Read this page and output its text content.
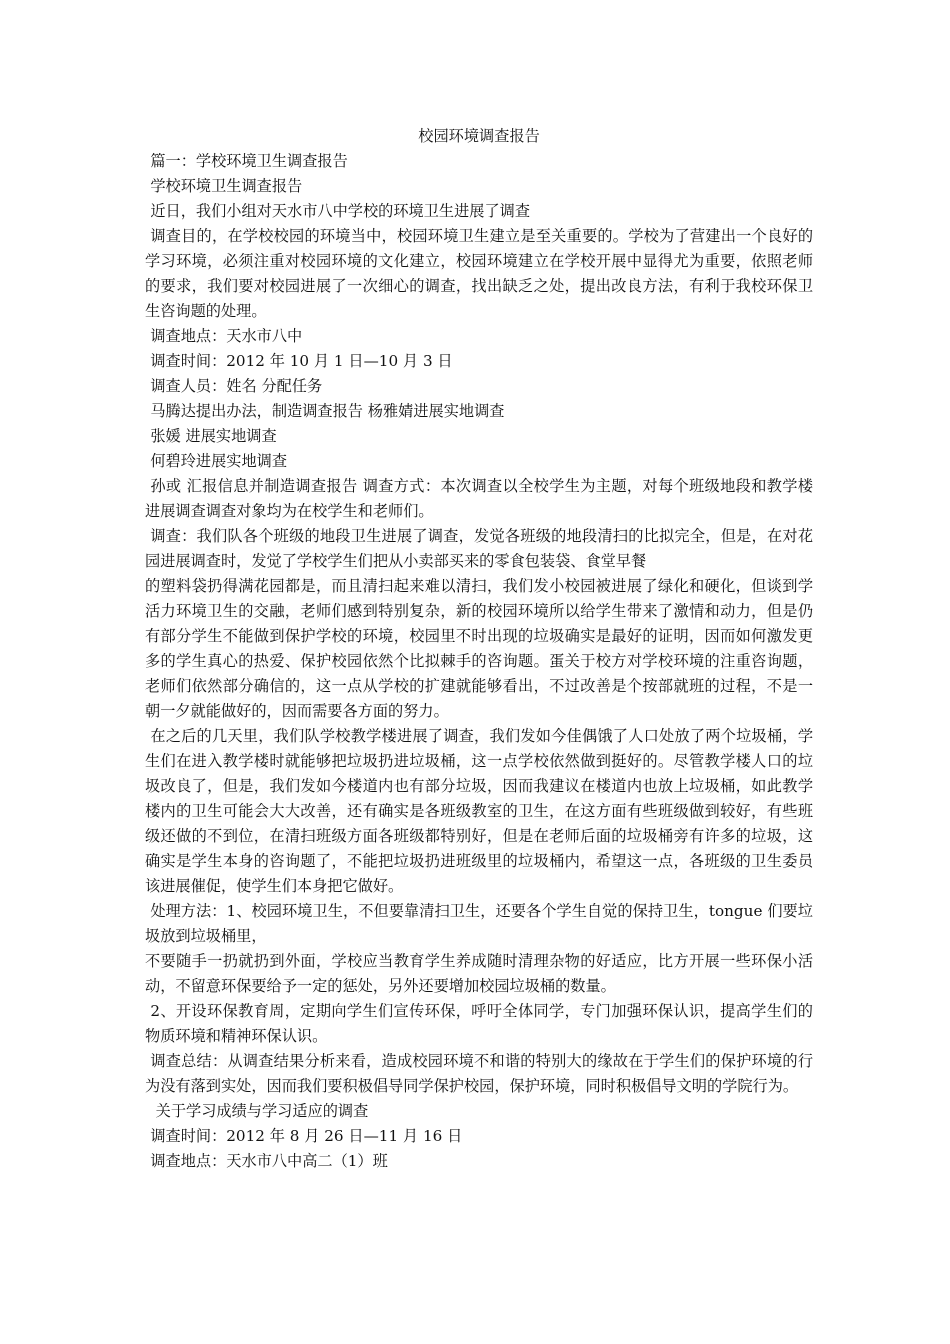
校园环境调查报告

篇一：学校环境卫生调查报告

学校环境卫生调查报告

近日，我们小组对天水市八中学校的环境卫生进展了调查

调查目的，在学校校园的环境当中，校园环境卫生建立是至关重要的。学校为了营建出一个良好的学习环境，必须注重对校园环境的文化建立，校园环境建立在学校开展中显得尤为重要，依照老师的要求，我们要对校园进展了一次细心的调查，找出缺乏之处，提出改良方法，有利于我校环保卫生咨询题的处理。

调查地点：天水市八中

调查时间：2012 年 10 月 1 日—10 月 3 日

调查人员：姓名 分配任务

马腾达提出办法，制造调查报告 杨雅婧进展实地调查

张媛 进展实地调查

何碧玲进展实地调查

孙或 汇报信息并制造调查报告 调查方式：本次调查以全校学生为主题，对每个班级地段和教学楼进展调查调查对象均为在校学生和老师们。

调查：我们队各个班级的地段卫生进展了调查，发觉各班级的地段清扫的比拟完全，但是，在对花园进展调查时，发觉了学校学生们把从小卖部买来的零食包装袋、食堂早餐

的塑料袋扔得满花园都是，而且清扫起来难以清扫，我们发小校园被进展了绿化和硬化，但谈到学活力环境卫生的交融，老师们感到特别复杂，新的校园环境所以给学生带来了激情和动力，但是仍有部分学生不能做到保护学校的环境，校园里不时出现的垃圾确实是最好的证明，因而如何激发更多的学生真心的热爱、保护校园依然个比拟棘手的咨询题。蛋关于校方对学校环境的注重咨询题，老师们依然部分确信的，这一点从学校的扩建就能够看出，不过改善是个按部就班的过程，不是一朝一夕就能做好的，因而需要各方面的努力。

在之后的几天里，我们队学校教学楼进展了调查，我们发如今佳偶饿了人口处放了两个垃圾桶，学生们在进入教学楼时就能够把垃圾扔进垃圾桶，这一点学校依然做到挺好的。尽管教学楼人口的垃圾改良了，但是，我们发如今楼道内也有部分垃圾，因而我建议在楼道内也放上垃圾桶，如此教学楼内的卫生可能会大大改善，还有确实是各班级教室的卫生，在这方面有些班级做到较好，有些班级还做的不到位，在清扫班级方面各班级都特别好，但是在老师后面的垃圾桶旁有许多的垃圾，这确实是学生本身的咨询题了，不能把垃圾扔进班级里的垃圾桶内，希望这一点，各班级的卫生委员该进展催促，使学生们本身把它做好。

处理方法：1、校园环境卫生，不但要靠清扫卫生，还要各个学生自觉的保持卫生，tongue 们要垃圾放到垃圾桶里，

不要随手一扔就扔到外面，学校应当教育学生养成随时清理杂物的好适应，比方开展一些环保小活动，不留意环保要给予一定的惩处，另外还要增加校园垃圾桶的数量。

2、开设环保教育周，定期向学生们宣传环保，呼吁全体同学，专门加强环保认识，提高学生们的物质环境和精神环保认识。

调查总结：从调查结果分析来看，造成校园环境不和谐的特别大的缘故在于学生们的保护环境的行为没有落到实处，因而我们要积极倡导同学保护校园，保护环境，同时积极倡导文明的学院行为。

关于学习成绩与学习适应的调查

调查时间：2012 年 8 月 26 日—11 月 16 日

调查地点：天水市八中高二（1）班
